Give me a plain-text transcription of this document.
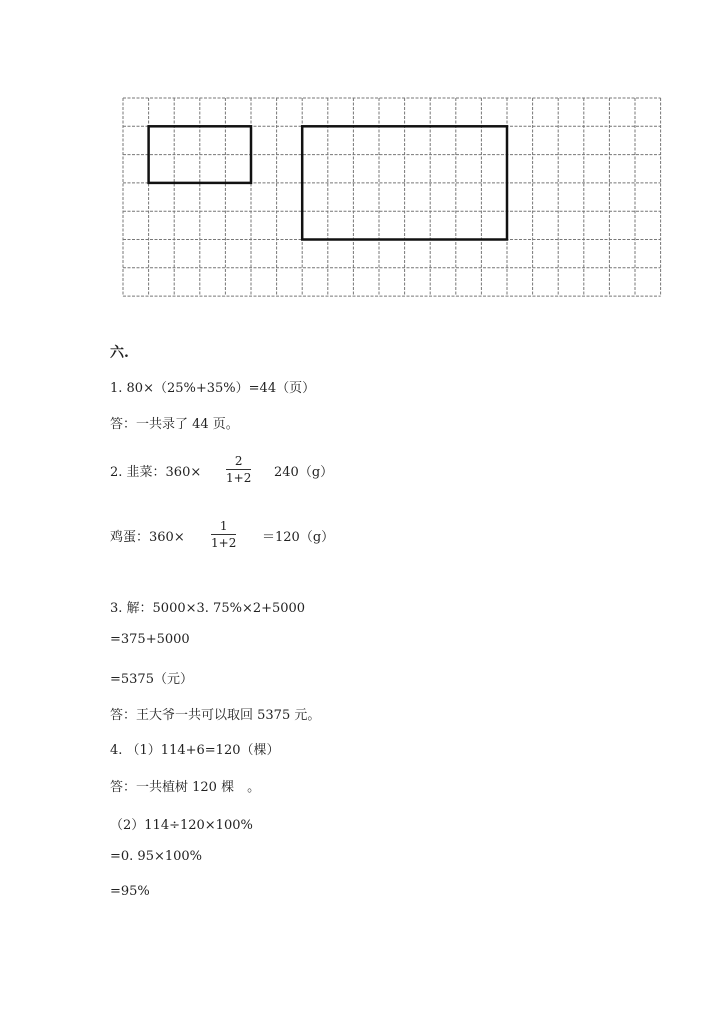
六.
1. 80×（25%+35%）=44（页）
答：一共录了 44 页。
2. 韭菜：$360\times \frac{2}{1+2} 240(g)$
鸡蛋：$360\times \frac{1}{1+2} =120(g)$
3. 解：5000×3. 75%×2+5000
=375+5000
=5375（元）
答：王大爷一共可以取回 5375 元。
4. （1）114+6=120（棵）
答：一共植树 120 棵　。
（2）114÷120×100%
=0. 95×100%
=95%
